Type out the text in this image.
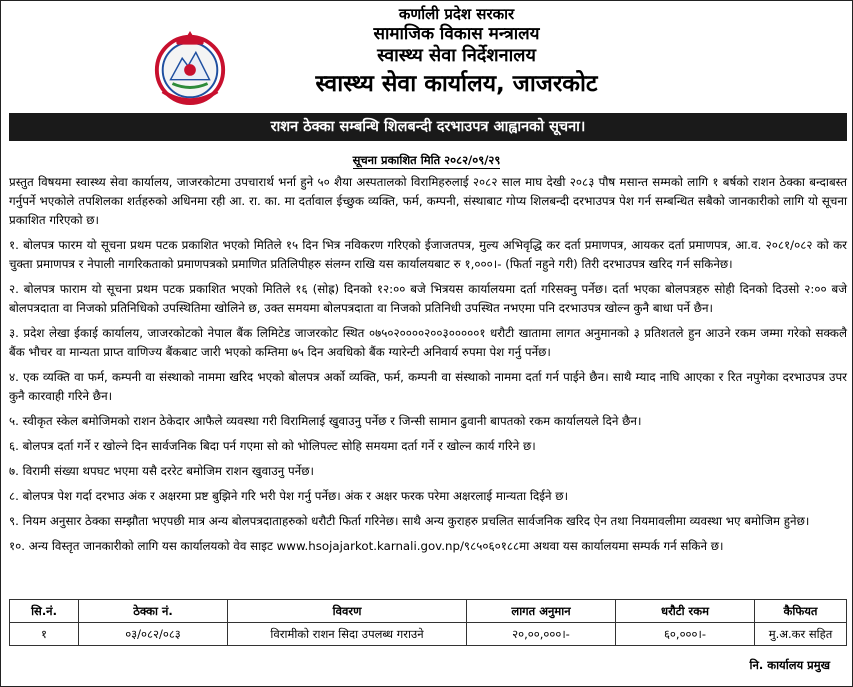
कर्णाली प्रदेश सरकार
सामाजिक विकास मन्त्रालय
स्वास्थ्य सेवा निर्देशनालय
स्वास्थ्य सेवा कार्यालय, जाजरकोट
राशन ठेक्का सम्बन्धि शिलबन्दी दरभाउपत्र आह्वानको सूचना।
सूचना प्रकाशित मिति २०८२/०९/२९

प्रस्तुत विषयमा स्वास्थ्य सेवा कार्यालय, जाजरकोटमा उपचारार्थ भर्ना हुने ५० शैया अस्पतालको विरामिहरुलाई २०८२ साल माघ देखी २०८३ पौष मसान्त सम्मको लागि १ बर्षको राशन ठेक्का बन्दाबस्त गर्नुपर्ने भएकोले तपशिलका शर्तहरुको अधिनमा रही आ. रा. का. मा दर्तावाल ईच्छुक व्यक्ति, फर्म, कम्पनी, संस्थाबाट गोप्य शिलबन्दी दरभाउपत्र पेश गर्न सम्बन्धित सबैको जानकारीको लागि यो सूचना प्रकाशित गरिएको छ।

१. बोलपत्र फारम यो सूचना प्रथम पटक प्रकाशित भएको मितिले १५ दिन भित्र नविकरण गरिएको ईजाजतपत्र, मुल्य अभिवृद्धि कर दर्ता प्रमाणपत्र, आयकर दर्ता प्रमाणपत्र, आ.व. २०८१/०८२ को कर चुक्ता प्रमाणपत्र र नेपाली नागरिकताको प्रमाणपत्रको प्रमाणित प्रतिलिपीहरु संलग्न राखि यस कार्यालयबाट रु १,०००।- (फिर्ता नहुने गरी) तिरी दरभाउपत्र खरिद गर्न सकिनेछ।
२. बोलपत्र फाराम यो सूचना प्रथम पटक प्रकाशित भएको मितिले १६ (सोह्र) दिनको १२:०० बजे भित्रयस कार्यालयमा दर्ता गरिसक्नु पर्नेछ। दर्ता भएका बोलपत्रहरु सोही दिनको दिउसो २:०० बजे बोलपत्रदाता वा निजको प्रतिनिधिको उपस्थितिमा खोलिने छ, उक्त समयमा बोलपत्रदाता वा निजको प्रतिनिधी उपस्थित नभएमा पनि दरभाउपत्र खोल्न कुनै बाधा पर्ने छैन।
३. प्रदेश लेखा ईकाई कार्यालय, जाजरकोटको नेपाल बैंक लिमिटेड जाजरकोट स्थित ०७५०२००००२००३०००००१ धरौटी खातामा लागत अनुमानको ३ प्रतिशतले हुन आउने रकम जम्मा गरेको सक्कलै बैंक भौचर वा मान्यता प्राप्त वाणिज्य बैंकबाट जारी भएको कम्तिमा ७५ दिन अवधिको बैंक ग्यारेन्टी अनिवार्य रुपमा पेश गर्नु पर्नेछ।
४. एक व्यक्ति वा फर्म, कम्पनी वा संस्थाको नाममा खरिद भएको बोलपत्र अर्को व्यक्ति, फर्म, कम्पनी वा संस्थाको नाममा दर्ता गर्न पाईने छैन। साथै म्याद नाघि आएका र रित नपुगेका दरभाउपत्र उपर कुनै कारवाही गरिने छैन।
५. स्वीकृत स्केल बमोजिमको राशन ठेकेदार आफैले व्यवस्था गरी विरामिलाई खुवाउनु पर्नेछ र जिन्सी सामान ढुवानी बापतको रकम कार्यालयले दिने छैन।
६. बोलपत्र दर्ता गर्ने र खोल्ने दिन सार्वजनिक बिदा पर्न गएमा सो को भोलिपल्ट सोहि समयमा दर्ता गर्ने र खोल्न कार्य गरिने छ।
७. विरामी संख्या थपघट भएमा यसै दररेट बमोजिम राशन खुवाउनु पर्नेछ।
८. बोलपत्र पेश गर्दा दरभाउ अंक र अक्षरमा प्रष्ट बुझिने गरि भरी पेश गर्नु पर्नेछ। अंक र अक्षर फरक परेमा अक्षरलाई मान्यता दिईने छ।
९. नियम अनुसार ठेक्का सम्झौता भएपछी मात्र अन्य बोलपत्रदाताहरुको धरौटी फिर्ता गरिनेछ। साथै अन्य कुराहरु प्रचलित सार्वजनिक खरिद ऐन तथा नियमावलीमा व्यवस्था भए बमोजिम हुनेछ।
१०. अन्य विस्तृत जानकारीको लागि यस कार्यालयको वेव साइट www.hsojajarkot.karnali.gov.np/९८५०६०१८८मा अथवा यस कार्यालयमा सम्पर्क गर्न सकिने छ।
सि.नं.	ठेक्का नं.	विवरण	लागत अनुमान	धरौटी रकम	कैफियत
१	०३/०८२/०८३	विरामीको राशन सिदा उपलब्ध गराउने	२०,००,०००।-	६०,०००।-	मु.अ.कर सहित
नि. कार्यालय प्रमुख
